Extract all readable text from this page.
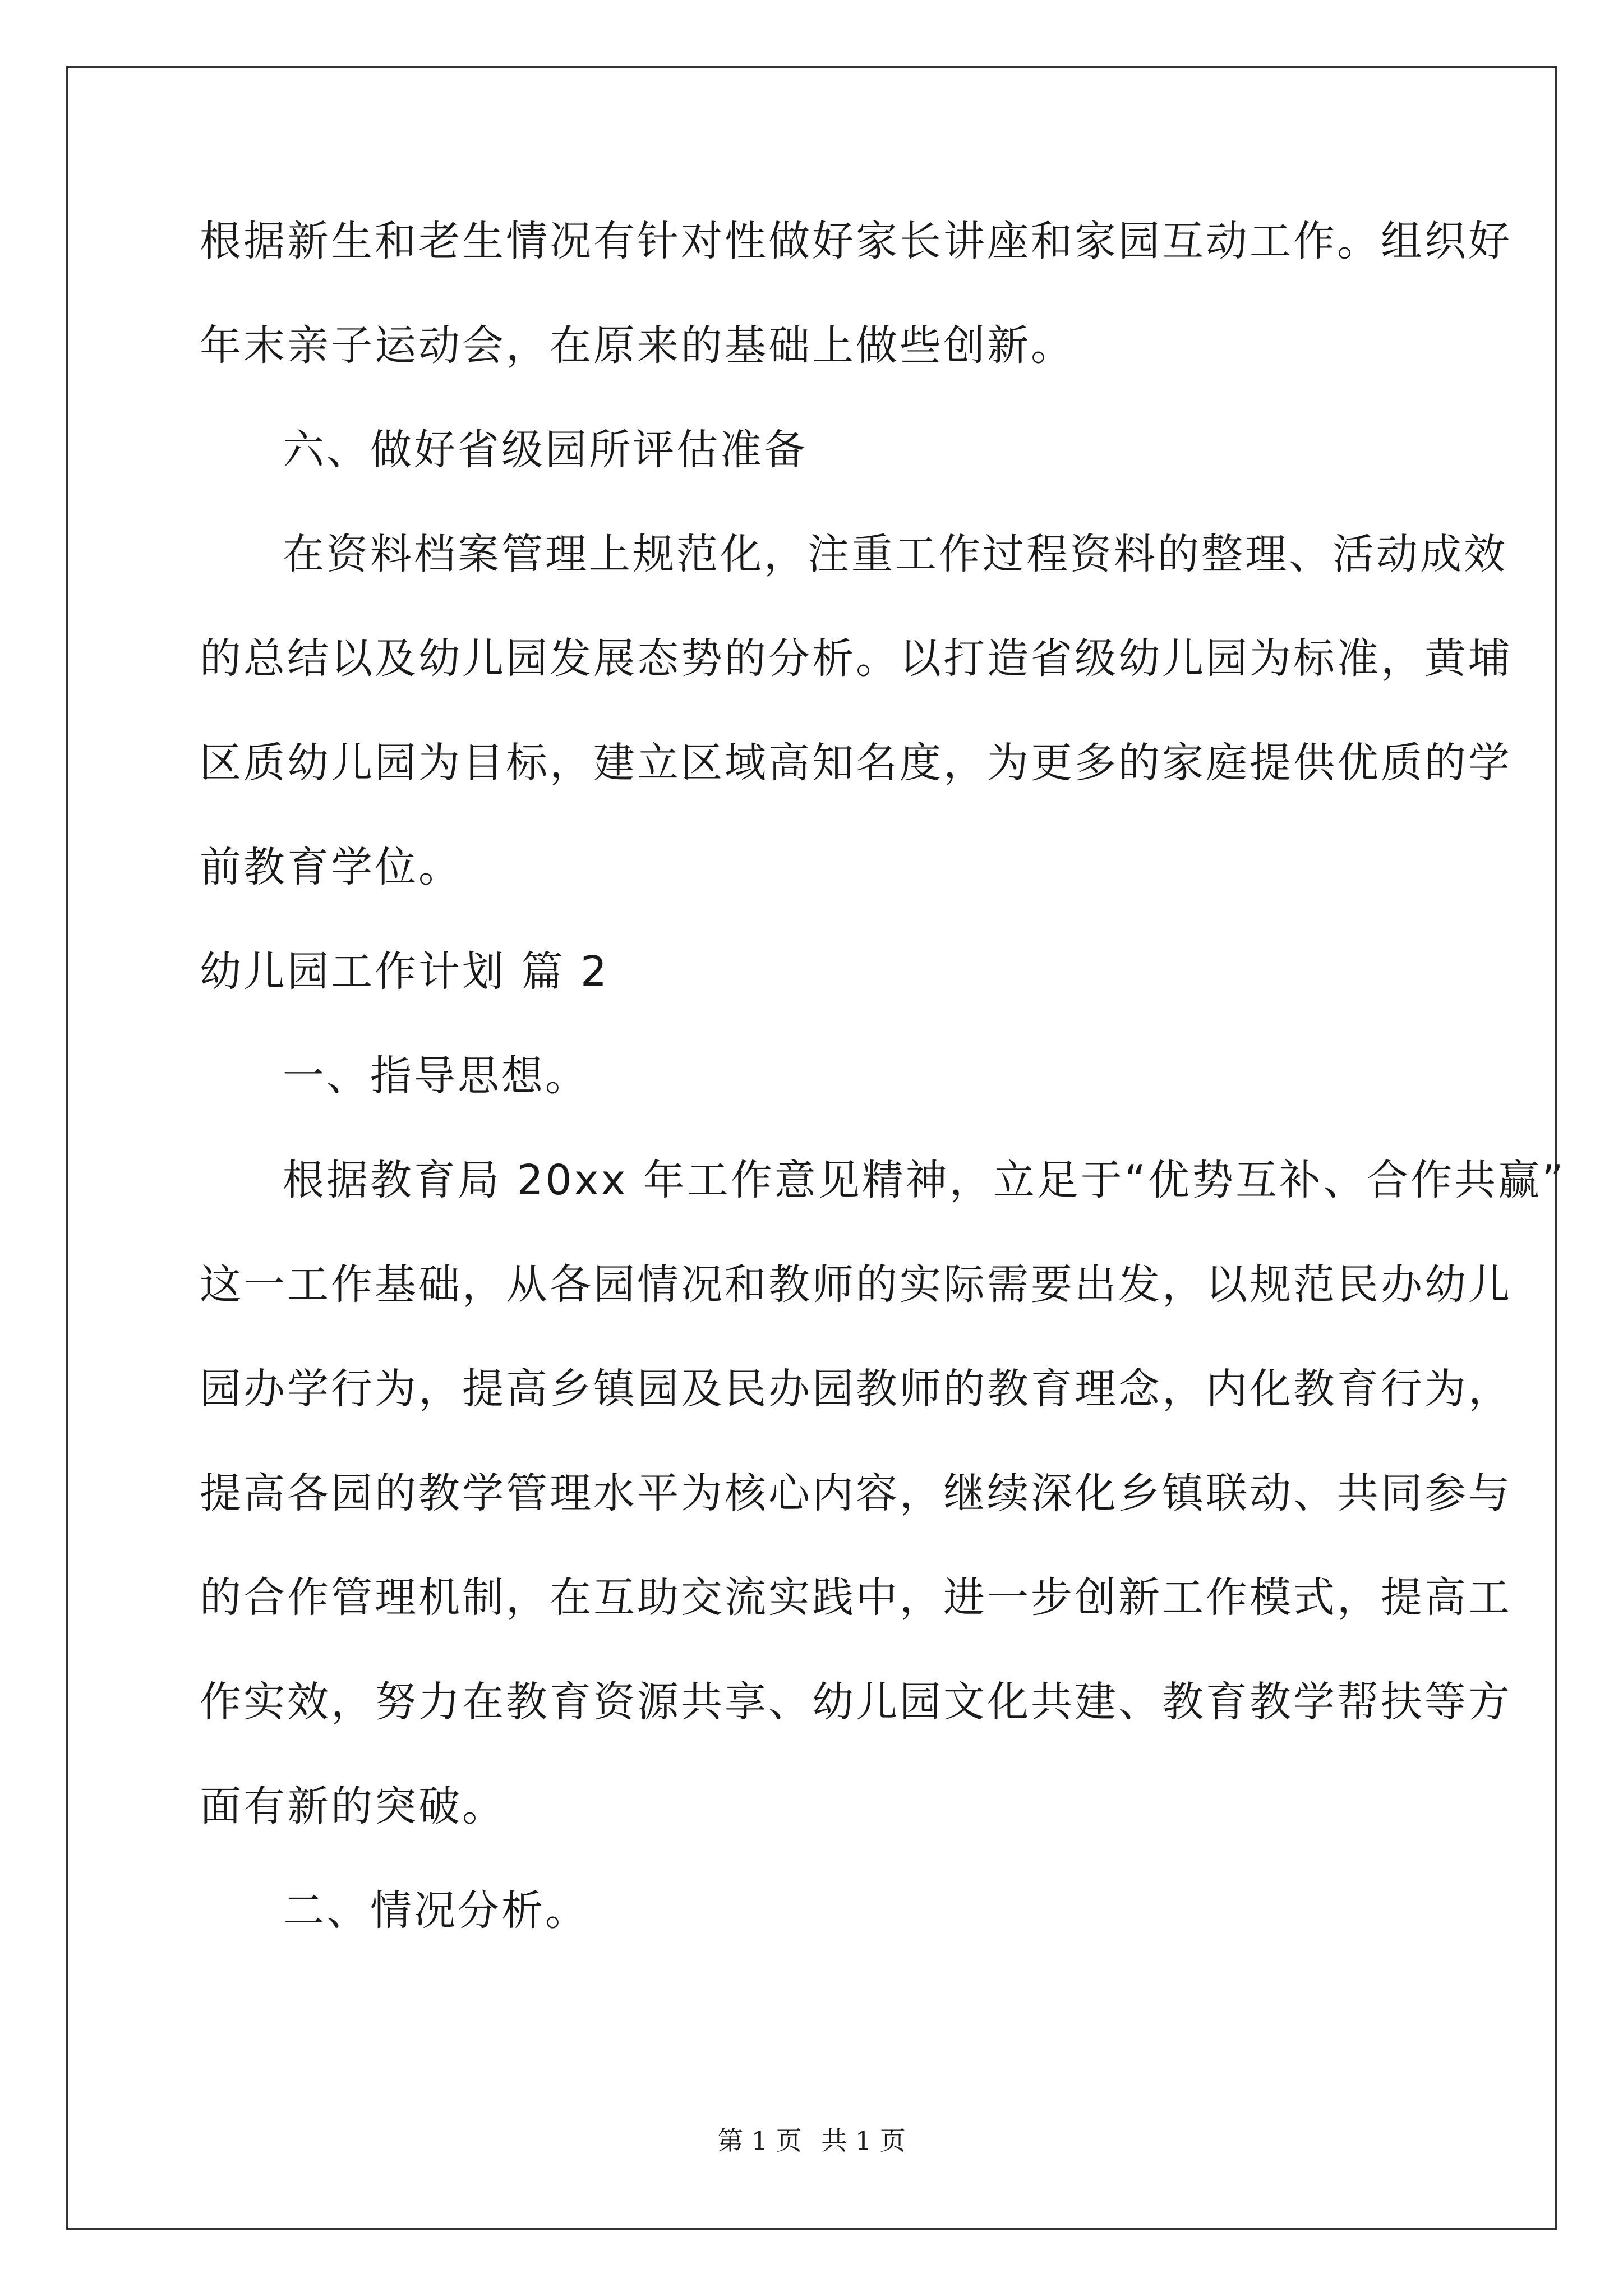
根据新生和老生情况有针对性做好家长讲座和家园互动工作。组织好
年末亲子运动会，在原来的基础上做些创新。
六、做好省级园所评估准备
在资料档案管理上规范化，注重工作过程资料的整理、活动成效
的总结以及幼儿园发展态势的分析。以打造省级幼儿园为标准，黄埔
区质幼儿园为目标，建立区域高知名度，为更多的家庭提供优质的学
前教育学位。
幼儿园工作计划 篇 2
一、指导思想。
根据教育局 20xx 年工作意见精神，立足于“优势互补、合作共赢”
这一工作基础，从各园情况和教师的实际需要出发，以规范民办幼儿
园办学行为，提高乡镇园及民办园教师的教育理念，内化教育行为，
提高各园的教学管理水平为核心内容，继续深化乡镇联动、共同参与
的合作管理机制，在互助交流实践中，进一步创新工作模式，提高工
作实效，努力在教育资源共享、幼儿园文化共建、教育教学帮扶等方
面有新的突破。
二、情况分析。
第 1 页 共 1 页
